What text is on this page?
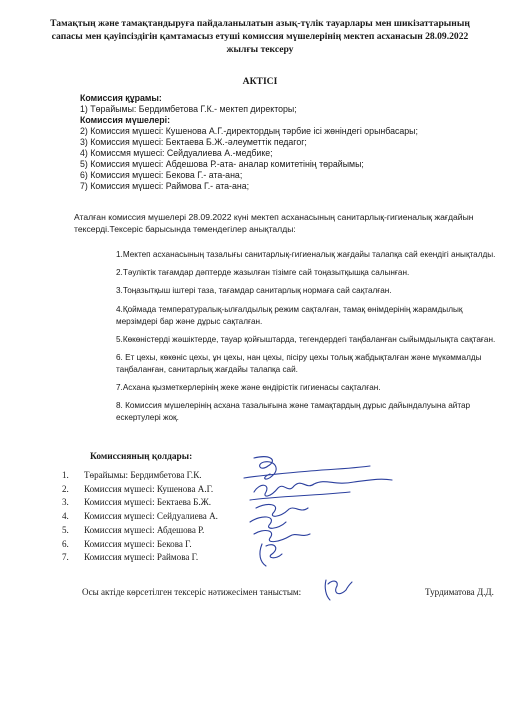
Тамақтың және тамақтандыруға пайдаланылатын азық-түлік тауарлары мен шикізаттарының сапасы мен қауіпсіздігін қамтамасыз етушi комиссия мүшелерiнiң мектеп асханасын 28.09.2022 жылғы тексеру
АКТІСІ
Комиссия құрамы:
1) Төрайымы: Бердимбетова Г.К.- мектеп директоры;
Комиссия мүшелері:
2) Комиссия мүшесі: Кушенова А.Г.-директордың тәрбие ісі жөніндегі орынбасары;
3) Комиссия мүшесі: Бектаева Б.Ж.-әлеуметтік педагог;
4) Комиссмя мүшесі: Сейдуалиева А.-медбике;
5) Комиссия мүшесі: Абдешова Р.-ата- аналар комитетінің төрайымы;
6) Комиссия мүшесі: Бекова Г.- ата-ана;
7) Комиссия мүшесі: Раймова Г.- ата-ана;
Аталған комиссия мүшелері 28.09.2022 күні мектеп асханасының санитарлық-гигиеналық жағдайын тексерді.Тексеріс барысында төмендегілер анықталды:
1.Мектеп асханасының тазалығы санитарлық-гигиеналық жағдайы талапқа сай екендігі анықталды.
2.Тәуліктік тағамдар дәптерде жазылған тізімге сай тоңазытқышқа салынған.
3.Тоңазытқыш іштері таза, тағамдар санитарлық нормаға сай сақталған.
4.Қоймада температуралық-ылғалдылық режим сақталған, тамақ өнімдерінің жарамдылық мерзімдері бар және дұрыс сақталған.
5.Көкөністерді жәшіктерде, тауар қойғыштарда, тегендердегі таңбаланған сыйымдылықта сақтаған.
6. Ет цехы, көкөніс цехы, ұн цехы, нан цехы, пісіру цехы толық жабдықталған және мүкәммалды таңбаланған, санитарлық жағдайы талапқа сай.
7.Асхана қызметкерлерінің жеке және өндірістік гигиенасы сақталған.
8. Комиссия мүшелерінің асхана тазалығына және тамақтардың дұрыс дайындалуына айтар ескертулері жоқ.
Комиссияның қолдары:
1. Төрайымы: Бердимбетова Г.К.
2. Комиссия мүшесі: Кушенова А.Г.
3. Комиссия мүшесі: Бектаева Б.Ж.
4. Комиссия мүшесі: Сейдуалиева А.
5. Комиссия мүшесі: Абдешова Р.
6. Комиссия мүшесі: Бекова Г.
7. Комиссия мүшесі: Раймова Г.
Осы актіде көрсетілген тексеріс нәтижесімен таныстым:	Турдиматова Д.Д.
